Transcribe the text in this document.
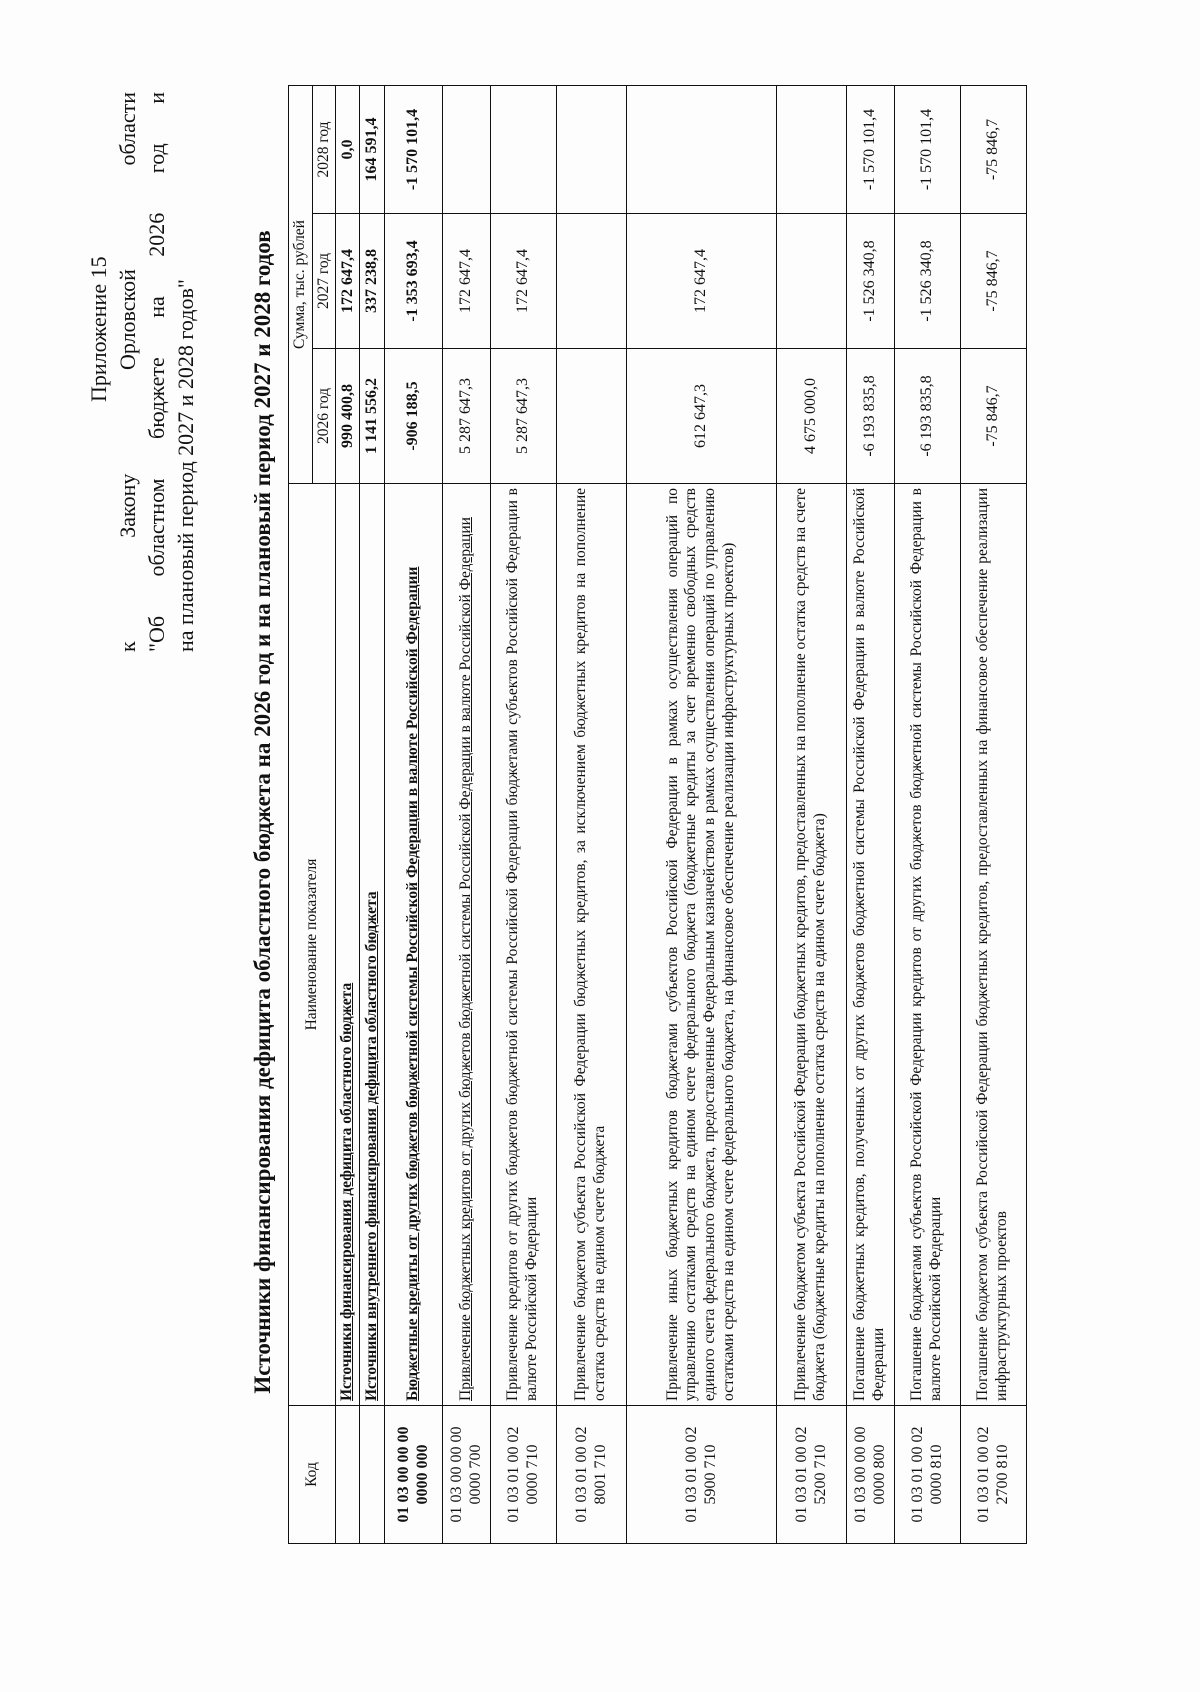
Приложение 15 к Закону Орловской области "Об областном бюджете на 2026 год и на плановый период 2027 и 2028 годов" Источники финансирования дефицита областного бюджета на 2026 год и на плановый период 2027 и 2028 годов
Код	Наименование показателя	Сумма, тыс. рублей		
		2026 год	2027 год	2028 год
	Источники финансирования дефицита областного бюджета	990 400,8	172 647,4	0,0
	Источники внутреннего финансирования дефицита областного бюджета	1 141 556,2	337 238,8	164 591,4
01 03 00 00 00 0000 000	Бюджетные кредиты от других бюджетов бюджетной системы Российской Федерации в валюте Российской Федерации	-906 188,5	-1 353 693,4	-1 570 101,4
01 03 00 00 00 0000 700	Привлечение бюджетных кредитов от других бюджетов бюджетной системы Российской Федерации в валюте Российской Федерации	5 287 647,3	172 647,4	
01 03 01 00 02 0000 710	Привлечение кредитов от других бюджетов бюджетной системы Российской Федерации бюджетами субъектов Российской Федерации в валюте Российской Федерации	5 287 647,3	172 647,4	
01 03 01 00 02 8001 710	Привлечение бюджетом субъекта Российской Федерации бюджетных кредитов, за исключением бюджетных кредитов на пополнение остатка средств на едином счете бюджета			
01 03 01 00 02 5900 710	Привлечение иных бюджетных кредитов бюджетами субъектов Российской Федерации в рамках осуществления операций по управлению остатками средств на едином счете федерального бюджета (бюджетные кредиты за счет временно свободных средств единого счета федерального бюджета, предоставленные Федеральным казначейством в рамках осуществления операций по управлению остатками средств на едином счете федерального бюджета, на финансовое обеспечение реализации инфраструктурных проектов)	612 647,3	172 647,4	
01 03 01 00 02 5200 710	Привлечение бюджетом субъекта Российской Федерации бюджетных кредитов, предоставленных на пополнение остатка средств на счете бюджета (бюджетные кредиты на пополнение остатка средств на едином счете бюджета)	4 675 000,0		
01 03 00 00 00 0000 800	Погашение бюджетных кредитов, полученных от других бюджетов бюджетной системы Российской Федерации в валюте Российской Федерации	-6 193 835,8	-1 526 340,8	-1 570 101,4
01 03 01 00 02 0000 810	Погашение бюджетами субъектов Российской Федерации кредитов от других бюджетов бюджетной системы Российской Федерации в валюте Российской Федерации	-6 193 835,8	-1 526 340,8	-1 570 101,4
01 03 01 00 02 2700 810	Погашение бюджетом субъекта Российской Федерации бюджетных кредитов, предоставленных на финансовое обеспечение реализации инфраструктурных проектов	-75 846,7	-75 846,7	-75 846,7
